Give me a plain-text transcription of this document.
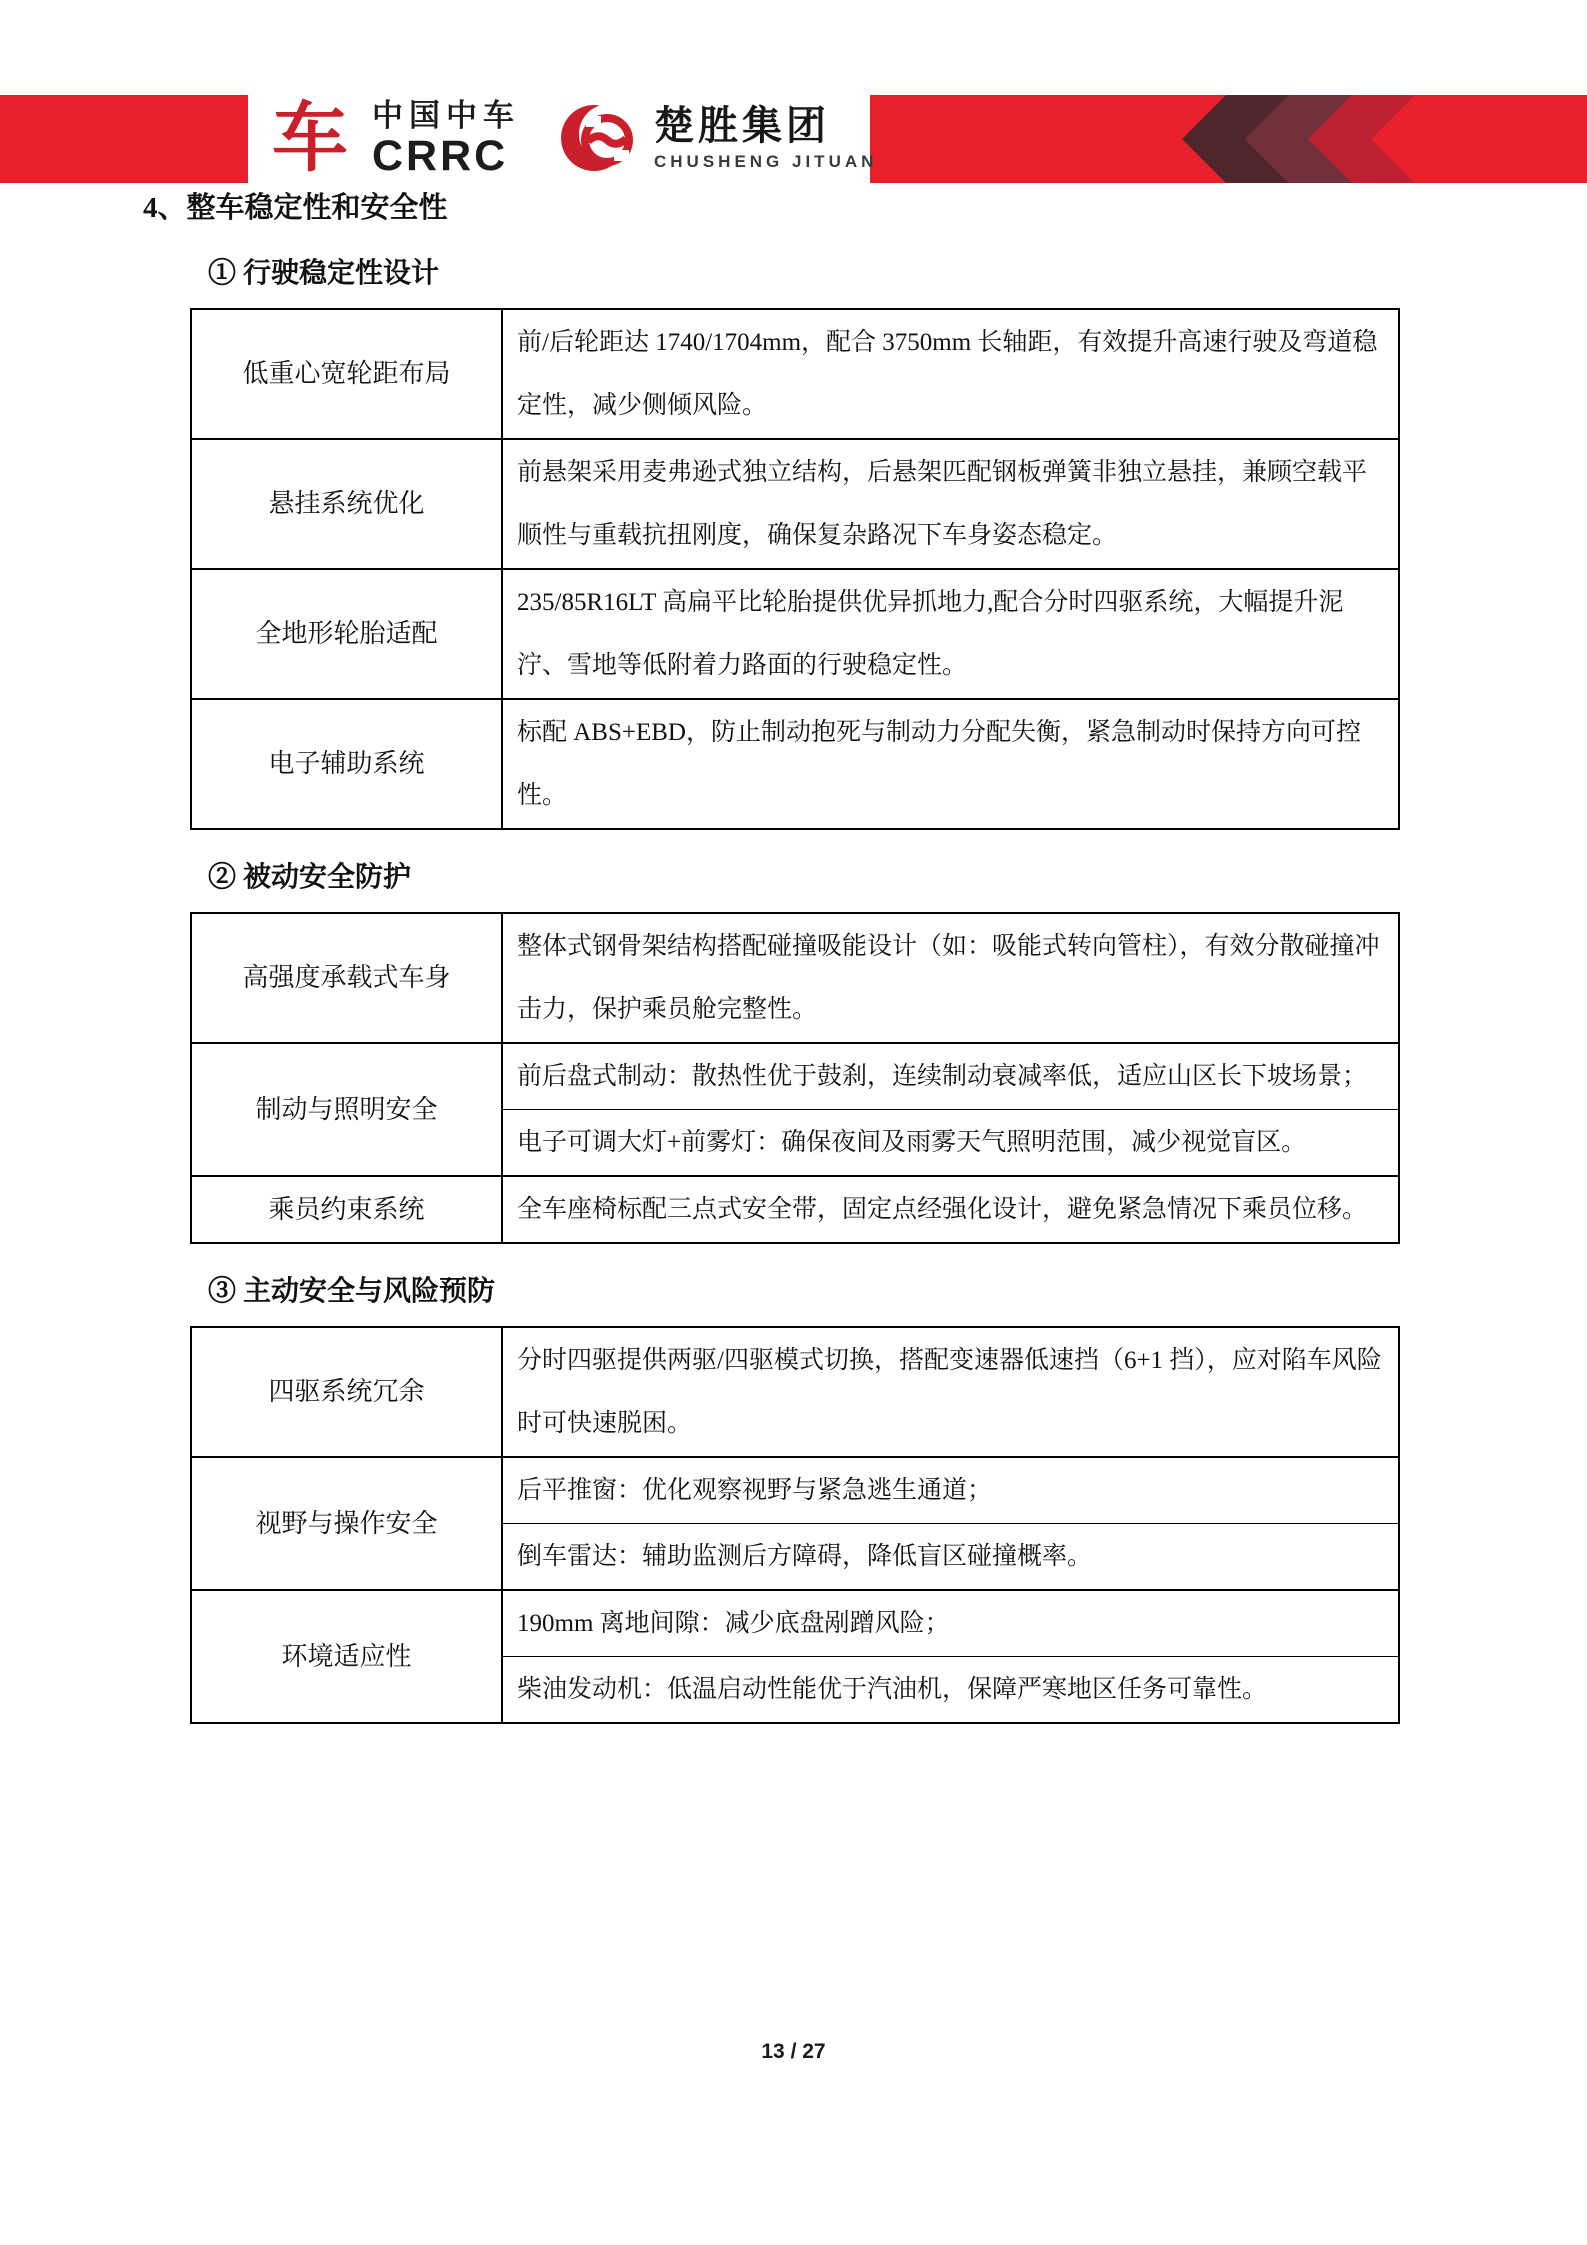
车 中国中车
CRRC
楚胜集团
CHUSHENG JITUAN
4、整车稳定性和安全性
① 行驶稳定性设计
低重心宽轮距布局	前/后轮距达 1740/1704mm，配合 3750mm 长轴距，有效提升高速行驶及弯道稳定性，减少侧倾风险。

悬挂系统优化	前悬架采用麦弗逊式独立结构，后悬架匹配钢板弹簧非独立悬挂，兼顾空载平顺性与重载抗扭刚度，确保复杂路况下车身姿态稳定。

全地形轮胎适配	235/85R16LT 高扁平比轮胎提供优异抓地力,配合分时四驱系统，大幅提升泥泞、雪地等低附着力路面的行驶稳定性。

电子辅助系统	标配 ABS+EBD，防止制动抱死与制动力分配失衡，紧急制动时保持方向可控性。
② 被动安全防护
高强度承载式车身	整体式钢骨架结构搭配碰撞吸能设计（如：吸能式转向管柱），有效分散碰撞冲击力，保护乘员舱完整性。

制动与照明安全	前后盘式制动：散热性优于鼓刹，连续制动衰减率低，适应山区长下坡场景；
电子可调大灯+前雾灯：确保夜间及雨雾天气照明范围，减少视觉盲区。

乘员约束系统	全车座椅标配三点式安全带，固定点经强化设计，避免紧急情况下乘员位移。
③ 主动安全与风险预防
四驱系统冗余	分时四驱提供两驱/四驱模式切换，搭配变速器低速挡（6+1 挡），应对陷车风险时可快速脱困。

视野与操作安全	后平推窗：优化观察视野与紧急逃生通道；
倒车雷达：辅助监测后方障碍，降低盲区碰撞概率。

环境适应性	190mm 离地间隙：减少底盘剐蹭风险；
柴油发动机：低温启动性能优于汽油机，保障严寒地区任务可靠性。
13 / 27
